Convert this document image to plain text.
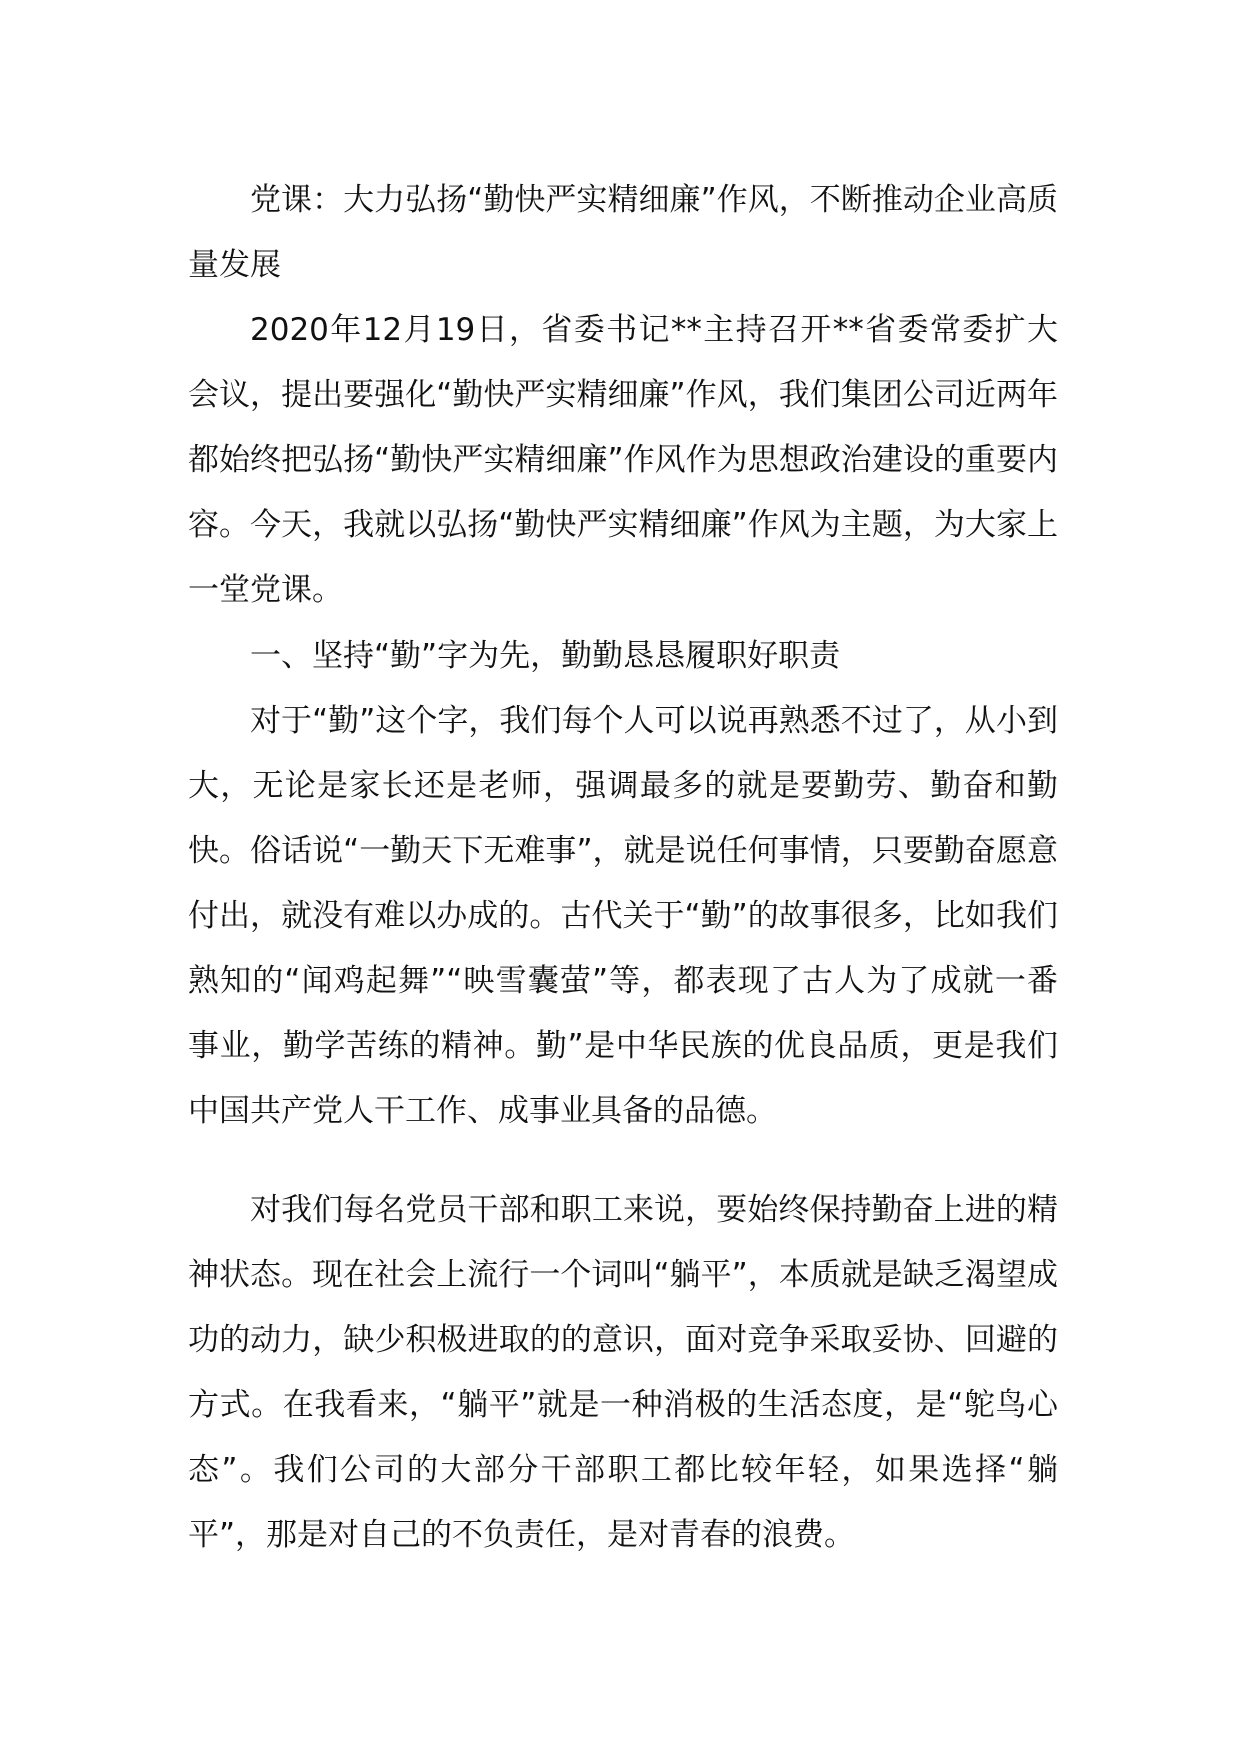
党课：大力弘扬“勤快严实精细廉”作风，不断推动企业高质量发展

2020年12月19日，省委书记**主持召开**省委常委扩大会议，提出要强化“勤快严实精细廉”作风，我们集团公司近两年都始终把弘扬“勤快严实精细廉”作风作为思想政治建设的重要内容。今天，我就以弘扬“勤快严实精细廉”作风为主题，为大家上一堂党课。

一、坚持“勤”字为先，勤勤恳恳履职好职责

对于“勤”这个字，我们每个人可以说再熟悉不过了，从小到大，无论是家长还是老师，强调最多的就是要勤劳、勤奋和勤快。俗话说“一勤天下无难事”，就是说任何事情，只要勤奋愿意付出，就没有难以办成的。古代关于“勤”的故事很多，比如我们熟知的“闻鸡起舞”“映雪囊萤”等，都表现了古人为了成就一番事业，勤学苦练的精神。勤”是中华民族的优良品质，更是我们中国共产党人干工作、成事业具备的品德。

对我们每名党员干部和职工来说，要始终保持勤奋上进的精神状态。现在社会上流行一个词叫“躺平”，本质就是缺乏渴望成功的动力，缺少积极进取的的意识，面对竞争采取妥协、回避的方式。在我看来，“躺平”就是一种消极的生活态度，是“鸵鸟心态”。我们公司的大部分干部职工都比较年轻，如果选择“躺平”，那是对自己的不负责任，是对青春的浪费。
